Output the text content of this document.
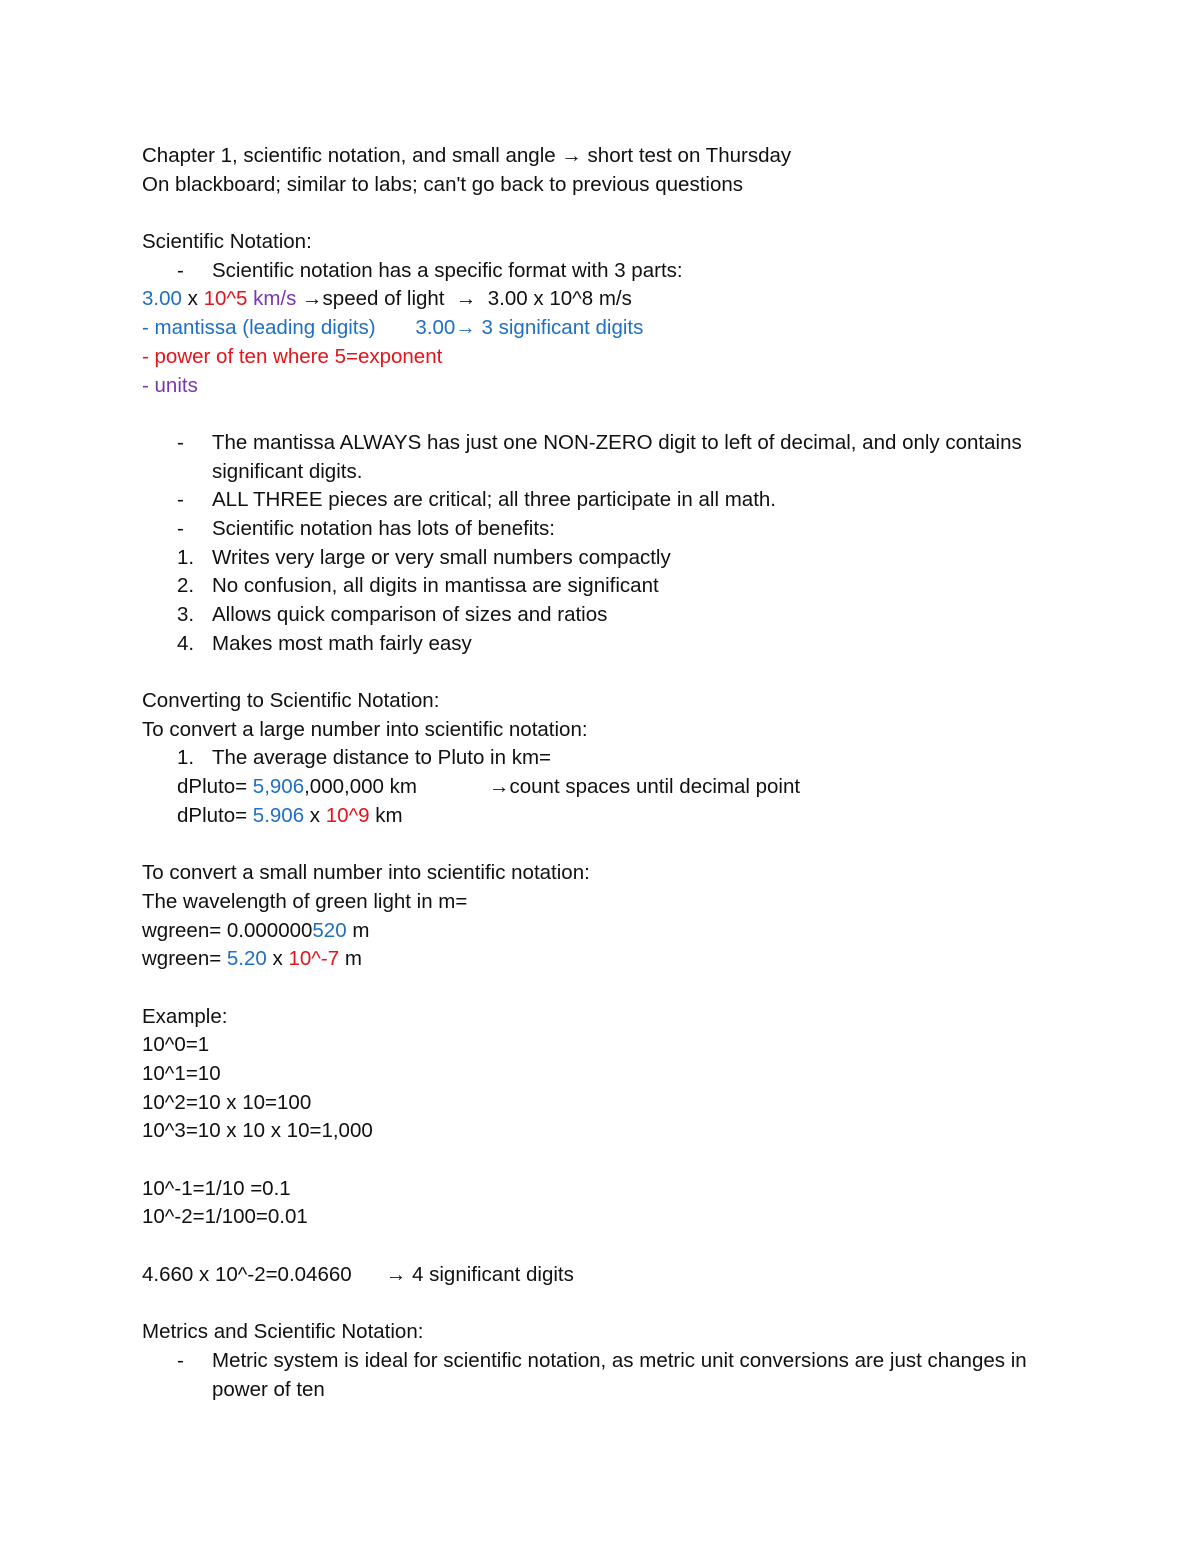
Chapter 1, scientific notation, and small angle → short test on Thursday
On blackboard; similar to labs; can't go back to previous questions
Scientific Notation:
- Scientific notation has a specific format with 3 parts:
3.00 x 10^5 km/s →speed of light  →  3.00 x 10^8 m/s
- mantissa (leading digits)       3.00→ 3 significant digits
- power of ten where 5=exponent
- units
- The mantissa ALWAYS has just one NON-ZERO digit to left of decimal, and only contains significant digits.
- ALL THREE pieces are critical; all three participate in all math.
- Scientific notation has lots of benefits:
1. Writes very large or very small numbers compactly
2. No confusion, all digits in mantissa are significant
3. Allows quick comparison of sizes and ratios
4. Makes most math fairly easy
Converting to Scientific Notation:
To convert a large number into scientific notation:
1. The average distance to Pluto in km=
dPluto= 5,906,000,000 km	→count spaces until decimal point
dPluto= 5.906 x 10^9 km
To convert a small number into scientific notation:
The wavelength of green light in m=
wgreen= 0.000000520 m
wgreen= 5.20 x 10^-7 m
Example:
10^0=1
10^1=10
10^2=10 x 10=100
10^3=10 x 10 x 10=1,000
10^-1=1/10 =0.1
10^-2=1/100=0.01
4.660 x 10^-2=0.04660      → 4 significant digits
Metrics and Scientific Notation:
- Metric system is ideal for scientific notation, as metric unit conversions are just changes in power of ten
